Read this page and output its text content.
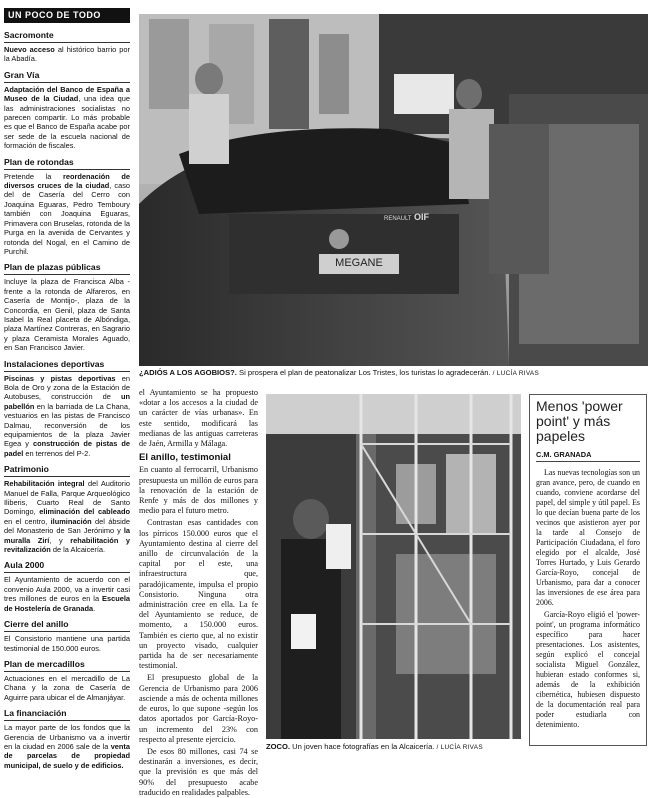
UN POCO DE TODO
Sacromonte
Nuevo acceso al histórico barrio por la Abadía.
Gran Vía
Adaptación del Banco de España a Museo de la Ciudad, una idea que las administraciones socialistas no parecen compartir. Lo más probable es que el Banco de España acabe por ser sede de la escuela nacional de formación de fiscales.
Plan de rotondas
Pretende la reordenación de diversos cruces de la ciudad, caso del de Casería del Cerro con Joaquina Eguaras, Pedro Temboury también con Joaquina Eguaras, Primavera con Bruselas, rotonda de la Purga en la avenida de Cervantes y rotonda del Nogal, en el Camino de Purchil.
Plan de plazas públicas
Incluye la plaza de Francisca Alba -frente a la rotonda de Alfareros, en Casería de Montijo-, plaza de la Concordia, en Genil, plaza de Santa Isabel la Real placeta de Albóndiga, plaza Martínez Contreras, en Sagrario y plaza Ceramista Morales Aguado, en San Francisco Javier.
Instalaciones deportivas
Piscinas y pistas deportivas en Bola de Oro y zona de la Estación de Autobuses, construcción de un pabellón en la barriada de La Chana, vestuarios en las pistas de Francisco Dalmau, reconversión de los equipamientos de la plaza Javier Egea y construcción de pistas de padel en terrenos del P-2.
Patrimonio
Rehabilitación integral del Auditorio Manuel de Falla, Parque Arqueológico Iliberis, Cuarto Real de Santo Domingo, eliminación del cableado en el centro, iluminación del ábside del Monasterio de San Jerónimo y la muralla Zirí, y rehabilitación y revitalización de la Alcaicería.
Aula 2000
El Ayuntamiento de acuerdo con el convenio Aula 2000, va a invertir casi tres millones de euros en la Escuela de Hostelería de Granada.
Cierre del anillo
El Consistorio mantiene una partida testimonial de 150.000 euros.
Plan de mercadillos
Actuaciones en el mercadillo de La Chana y la zona de Casería de Aguirre para ubicar el de Almanjáyar.
La financiación
La mayor parte de los fondos que la Gerencia de Urbanismo va a invertir en la ciudad en 2006 sale de la venta de parcelas de propiedad municipal, de suelo y de edificios.
MEGANE
RENAULT OIF
¿ADIÓS A LOS AGOBIOS?. Si prospera el plan de peatonalizar Los Tristes, los turistas lo agradecerán. / LUCÍA RIVAS

el Ayuntamiento se ha propuesto «dotar a los accesos a la ciudad de un carácter de vías urbanas». En este sentido, modificará las medianas de las antiguas carreteras de Jaén, Armilla y Málaga.

El anillo, testimonial

En cuanto al ferrocarril, Urbanismo presupuesta un millón de euros para la renovación de la estación de Renfe y más de dos millones y medio para el futuro metro.

Contrastan esas cantidades con los pírricos 150.000 euros que el Ayuntamiento destina al cierre del anillo de circunvalación de la capital por el este, una infraestructura que, paradójicamente, impulsa el propio Consistorio. Ninguna otra administración cree en ella. La fe del Ayuntamiento se reduce, de momento, a 150.000 euros. También es cierto que, al no existir un proyecto visado, cualquier partida ha de ser necesariamente testimonial.

El presupuesto global de la Gerencia de Urbanismo para 2006 asciende a más de ochenta millones de euros, lo que supone -según los datos aportados por García-Royo- un incremento del 23% con respecto al presente ejercicio.

De esos 80 millones, casi 74 se destinarán a inversiones, es decir, que la previsión es que más del 90% del presupuesto acabe traducido en realidades palpables.

ZOCO. Un joven hace fotografías en la Alcaicería. / LUCÍA RIVAS
Menos 'power point' y más papeles
C.M. GRANADA

Las nuevas tecnologías son un gran avance, pero, de cuando en cuando, conviene acordarse del papel, del simple y útil papel. Es lo que decían buena parte de los vecinos que asistieron ayer por la tarde al Consejo de Participación Ciudadana, el foro elegido por el alcalde, José Torres Hurtado, y Luis Gerardo García-Royo, concejal de Urbanismo, para dar a conocer las inversiones de ese área para 2006.

García-Royo eligió el 'power-point', un programa informático específico para hacer presentaciones. Los asistentes, según explicó el concejal socialista Miguel González, hubieran estado conformes si, además de la exhibición cibernética, hubiesen dispuesto de la documentación real para poder estudiarla con detenimiento.
